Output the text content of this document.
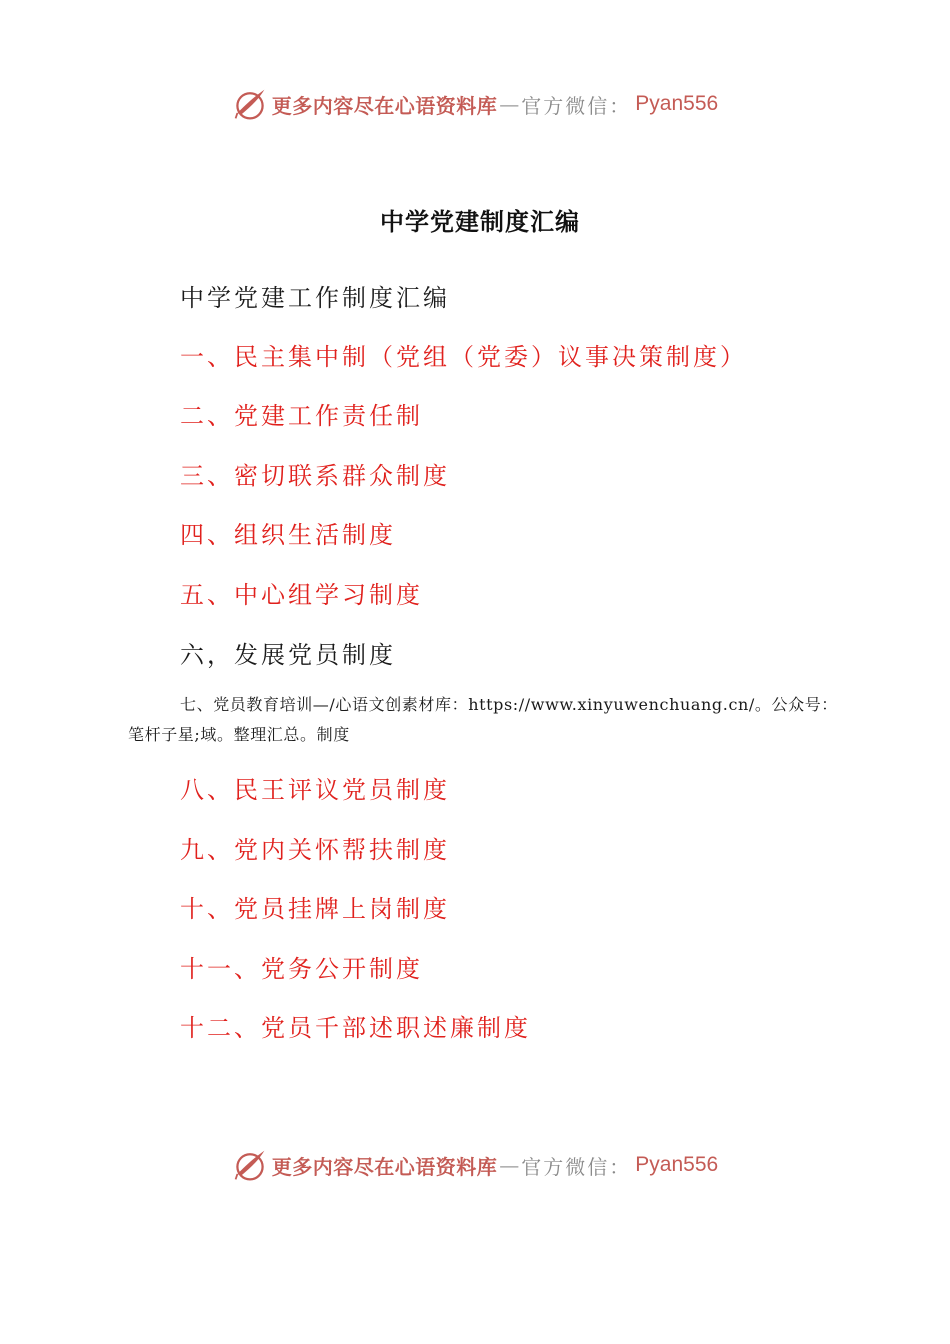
更多内容尽在心语资料库 — 官方微信： Pyan556
中学党建制度汇编
中学党建工作制度汇编
一、民主集中制（党组（党委）议事决策制度）
二、党建工作责任制
三、密切联系群众制度
四、组织生活制度
五、中心组学习制度
六，发展党员制度
七、党员教育培训—/心语文创素材库：https://www.xinyuwenchuang.cn/。公众号：笔杆子星;域。整理汇总。制度
八、民王评议党员制度
九、党内关怀帮扶制度
十、党员挂牌上岗制度
十一、党务公开制度
十二、党员千部述职述廉制度
更多内容尽在心语资料库 — 官方微信： Pyan556
